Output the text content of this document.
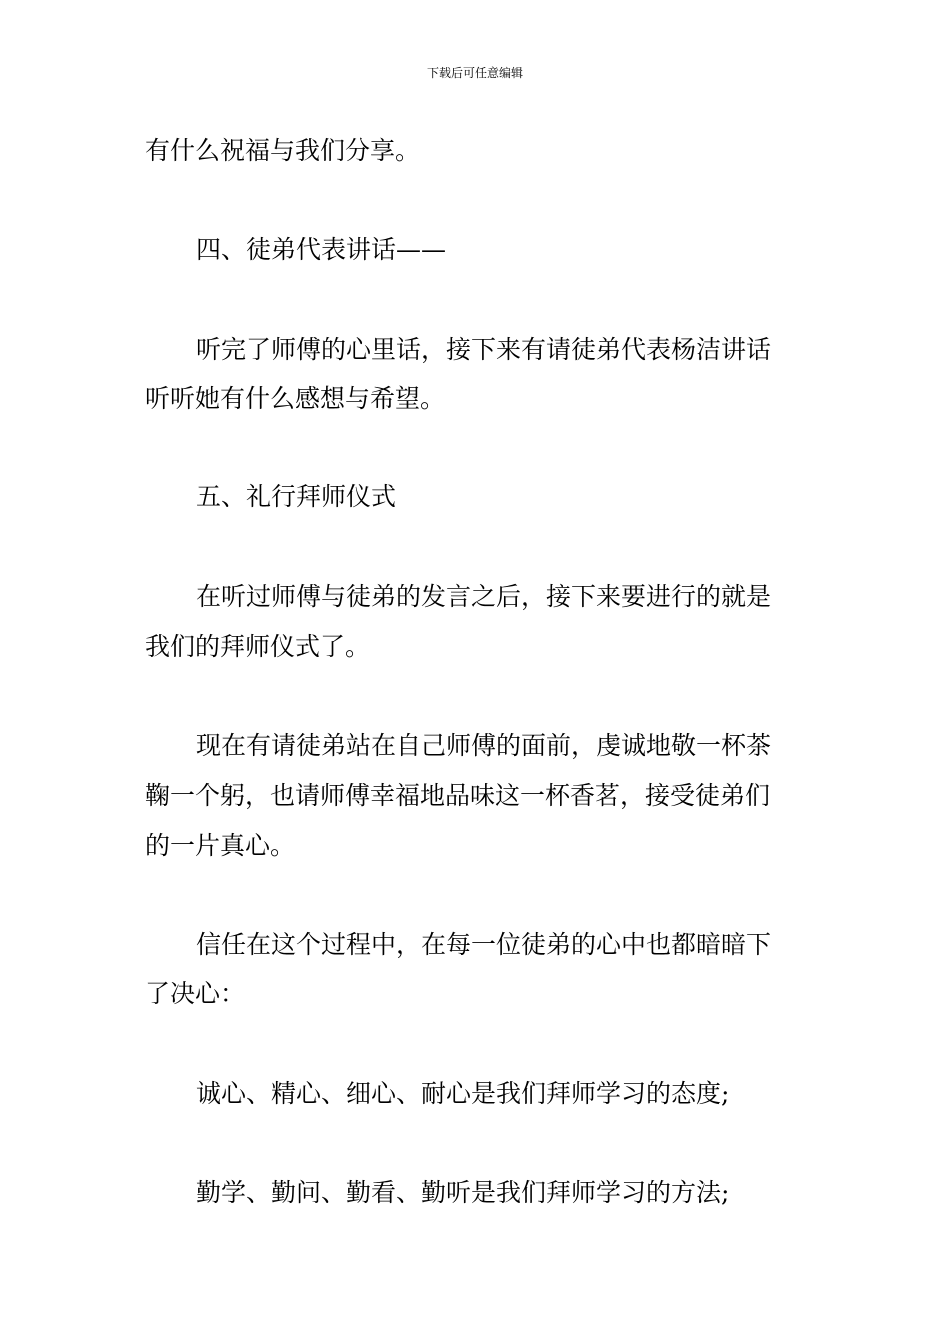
下载后可任意编辑
有什么祝福与我们分享。
四、徒弟代表讲话——
听完了师傅的心里话，接下来有请徒弟代表杨洁讲话
听听她有什么感想与希望。
五、礼行拜师仪式
在听过师傅与徒弟的发言之后，接下来要进行的就是
我们的拜师仪式了。
现在有请徒弟站在自己师傅的面前，虔诚地敬一杯茶
鞠一个躬，也请师傅幸福地品味这一杯香茗，接受徒弟们
的一片真心。
信任在这个过程中，在每一位徒弟的心中也都暗暗下
了决心：
诚心、精心、细心、耐心是我们拜师学习的态度;
勤学、勤问、勤看、勤听是我们拜师学习的方法;
